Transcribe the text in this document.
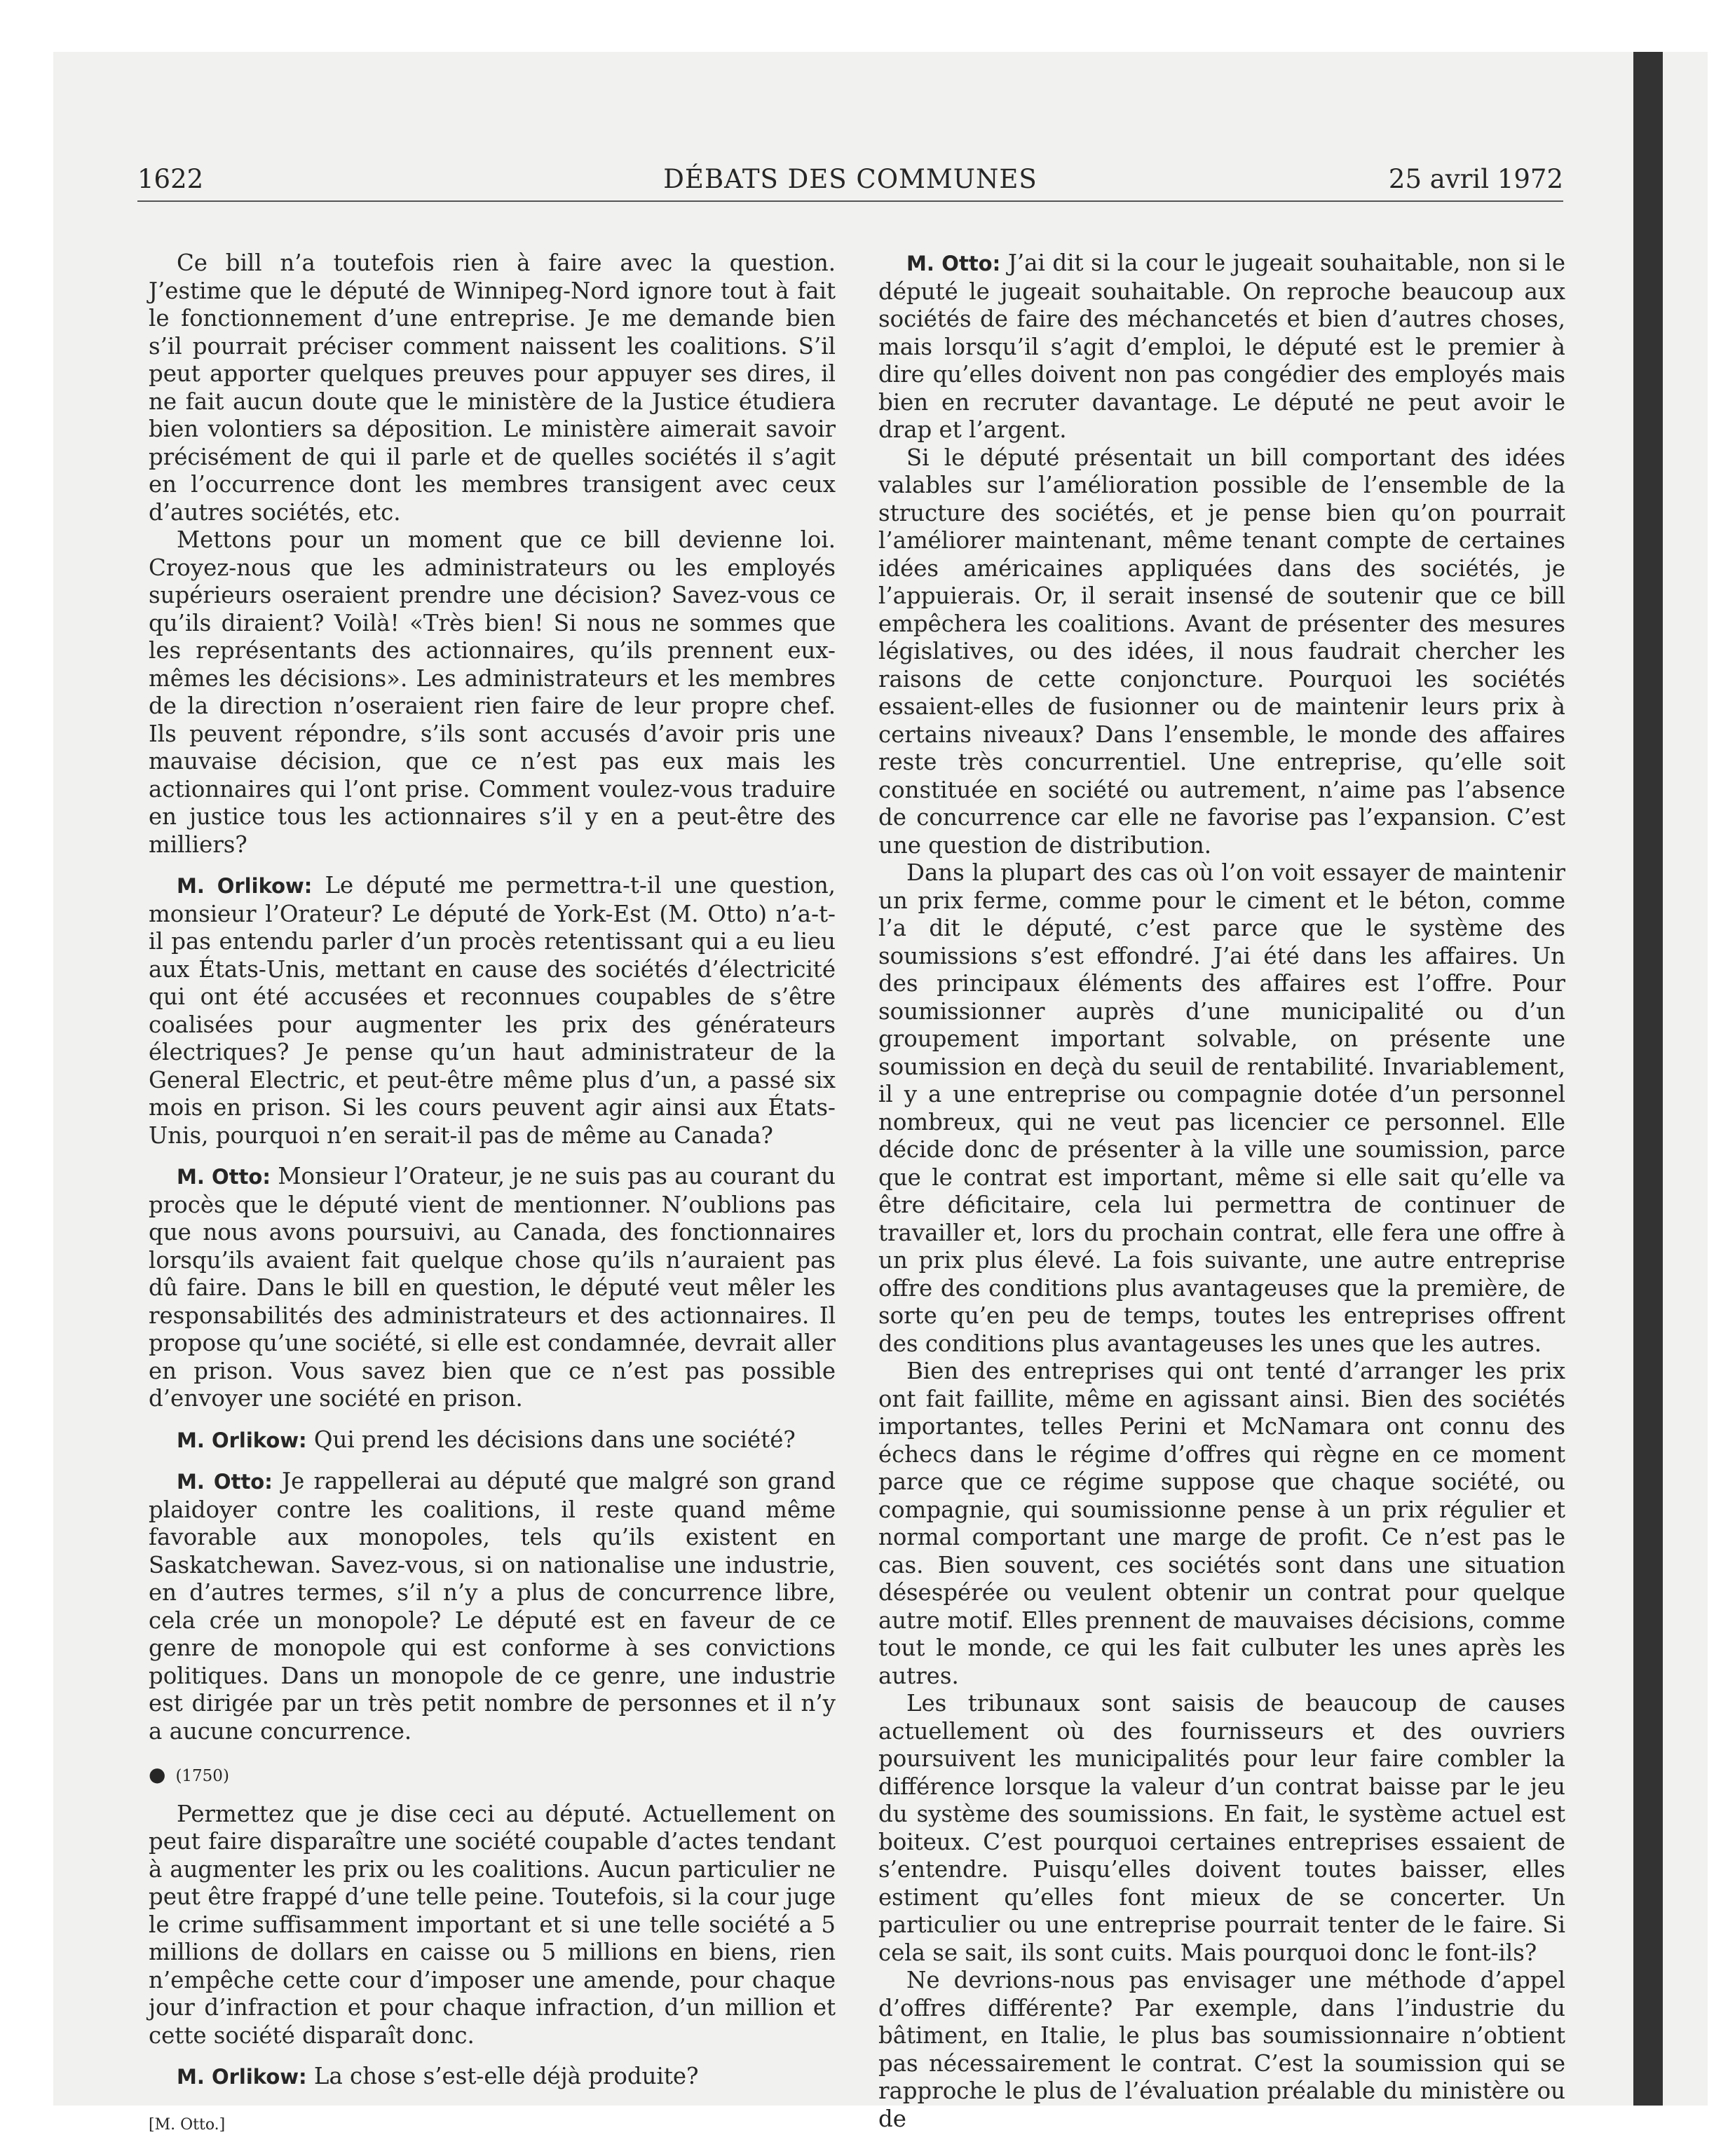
1622	DÉBATS DES COMMUNES	25 avril 1972

Ce bill n’a toutefois rien à faire avec la question. J’estime que le député de Winnipeg-Nord ignore tout à fait le fonctionnement d’une entreprise. Je me demande bien s’il pourrait préciser comment naissent les coalitions. S’il peut apporter quelques preuves pour appuyer ses dires, il ne fait aucun doute que le ministère de la Justice étudiera bien volontiers sa déposition. Le ministère aimerait savoir précisément de qui il parle et de quelles sociétés il s’agit en l’occurrence dont les membres transigent avec ceux d’autres sociétés, etc.

Mettons pour un moment que ce bill devienne loi. Croyez-nous que les administrateurs ou les employés supérieurs oseraient prendre une décision? Savez-vous ce qu’ils diraient? Voilà! «Très bien! Si nous ne sommes que les représentants des actionnaires, qu’ils prennent eux-mêmes les décisions». Les administrateurs et les membres de la direction n’oseraient rien faire de leur propre chef. Ils peuvent répondre, s’ils sont accusés d’avoir pris une mauvaise décision, que ce n’est pas eux mais les actionnaires qui l’ont prise. Comment voulez-vous traduire en justice tous les actionnaires s’il y en a peut-être des milliers?

M. Orlikow: Le député me permettra-t-il une question, monsieur l’Orateur? Le député de York-Est (M. Otto) n’a-t-il pas entendu parler d’un procès retentissant qui a eu lieu aux États-Unis, mettant en cause des sociétés d’électricité qui ont été accusées et reconnues coupables de s’être coalisées pour augmenter les prix des générateurs électriques? Je pense qu’un haut administrateur de la General Electric, et peut-être même plus d’un, a passé six mois en prison. Si les cours peuvent agir ainsi aux États-Unis, pourquoi n’en serait-il pas de même au Canada?

M. Otto: Monsieur l’Orateur, je ne suis pas au courant du procès que le député vient de mentionner. N’oublions pas que nous avons poursuivi, au Canada, des fonctionnaires lorsqu’ils avaient fait quelque chose qu’ils n’auraient pas dû faire. Dans le bill en question, le député veut mêler les responsabilités des administrateurs et des actionnaires. Il propose qu’une société, si elle est condamnée, devrait aller en prison. Vous savez bien que ce n’est pas possible d’envoyer une société en prison.

M. Orlikow: Qui prend les décisions dans une société?

M. Otto: Je rappellerai au député que malgré son grand plaidoyer contre les coalitions, il reste quand même favorable aux monopoles, tels qu’ils existent en Saskatchewan. Savez-vous, si on nationalise une industrie, en d’autres termes, s’il n’y a plus de concurrence libre, cela crée un monopole? Le député est en faveur de ce genre de monopole qui est conforme à ses convictions politiques. Dans un monopole de ce genre, une industrie est dirigée par un très petit nombre de personnes et il n’y a aucune concurrence.

● (1750)

Permettez que je dise ceci au député. Actuellement on peut faire disparaître une société coupable d’actes tendant à augmenter les prix ou les coalitions. Aucun particulier ne peut être frappé d’une telle peine. Toutefois, si la cour juge le crime suffisamment important et si une telle société a 5 millions de dollars en caisse ou 5 millions en biens, rien n’empêche cette cour d’imposer une amende, pour chaque jour d’infraction et pour chaque infraction, d’un million et cette société disparaît donc.

M. Orlikow: La chose s’est-elle déjà produite?

[M. Otto.]

M. Otto: J’ai dit si la cour le jugeait souhaitable, non si le député le jugeait souhaitable. On reproche beaucoup aux sociétés de faire des méchancetés et bien d’autres choses, mais lorsqu’il s’agit d’emploi, le député est le premier à dire qu’elles doivent non pas congédier des employés mais bien en recruter davantage. Le député ne peut avoir le drap et l’argent.

Si le député présentait un bill comportant des idées valables sur l’amélioration possible de l’ensemble de la structure des sociétés, et je pense bien qu’on pourrait l’améliorer maintenant, même tenant compte de certaines idées américaines appliquées dans des sociétés, je l’appuierais. Or, il serait insensé de soutenir que ce bill empêchera les coalitions. Avant de présenter des mesures législatives, ou des idées, il nous faudrait chercher les raisons de cette conjoncture. Pourquoi les sociétés essaient-elles de fusionner ou de maintenir leurs prix à certains niveaux? Dans l’ensemble, le monde des affaires reste très concurrentiel. Une entreprise, qu’elle soit constituée en société ou autrement, n’aime pas l’absence de concurrence car elle ne favorise pas l’expansion. C’est une question de distribution.

Dans la plupart des cas où l’on voit essayer de maintenir un prix ferme, comme pour le ciment et le béton, comme l’a dit le député, c’est parce que le système des soumissions s’est effondré. J’ai été dans les affaires. Un des principaux éléments des affaires est l’offre. Pour soumissionner auprès d’une municipalité ou d’un groupement important solvable, on présente une soumission en deçà du seuil de rentabilité. Invariablement, il y a une entreprise ou compagnie dotée d’un personnel nombreux, qui ne veut pas licencier ce personnel. Elle décide donc de présenter à la ville une soumission, parce que le contrat est important, même si elle sait qu’elle va être déficitaire, cela lui permettra de continuer de travailler et, lors du prochain contrat, elle fera une offre à un prix plus élevé. La fois suivante, une autre entreprise offre des conditions plus avantageuses que la première, de sorte qu’en peu de temps, toutes les entreprises offrent des conditions plus avantageuses les unes que les autres.

Bien des entreprises qui ont tenté d’arranger les prix ont fait faillite, même en agissant ainsi. Bien des sociétés importantes, telles Perini et McNamara ont connu des échecs dans le régime d’offres qui règne en ce moment parce que ce régime suppose que chaque société, ou compagnie, qui soumissionne pense à un prix régulier et normal comportant une marge de profit. Ce n’est pas le cas. Bien souvent, ces sociétés sont dans une situation désespérée ou veulent obtenir un contrat pour quelque autre motif. Elles prennent de mauvaises décisions, comme tout le monde, ce qui les fait culbuter les unes après les autres.

Les tribunaux sont saisis de beaucoup de causes actuellement où des fournisseurs et des ouvriers poursuivent les municipalités pour leur faire combler la différence lorsque la valeur d’un contrat baisse par le jeu du système des soumissions. En fait, le système actuel est boiteux. C’est pourquoi certaines entreprises essaient de s’entendre. Puisqu’elles doivent toutes baisser, elles estiment qu’elles font mieux de se concerter. Un particulier ou une entreprise pourrait tenter de le faire. Si cela se sait, ils sont cuits. Mais pourquoi donc le font-ils?

Ne devrions-nous pas envisager une méthode d’appel d’offres différente? Par exemple, dans l’industrie du bâtiment, en Italie, le plus bas soumissionnaire n’obtient pas nécessairement le contrat. C’est la soumission qui se rapproche le plus de l’évaluation préalable du ministère ou de
